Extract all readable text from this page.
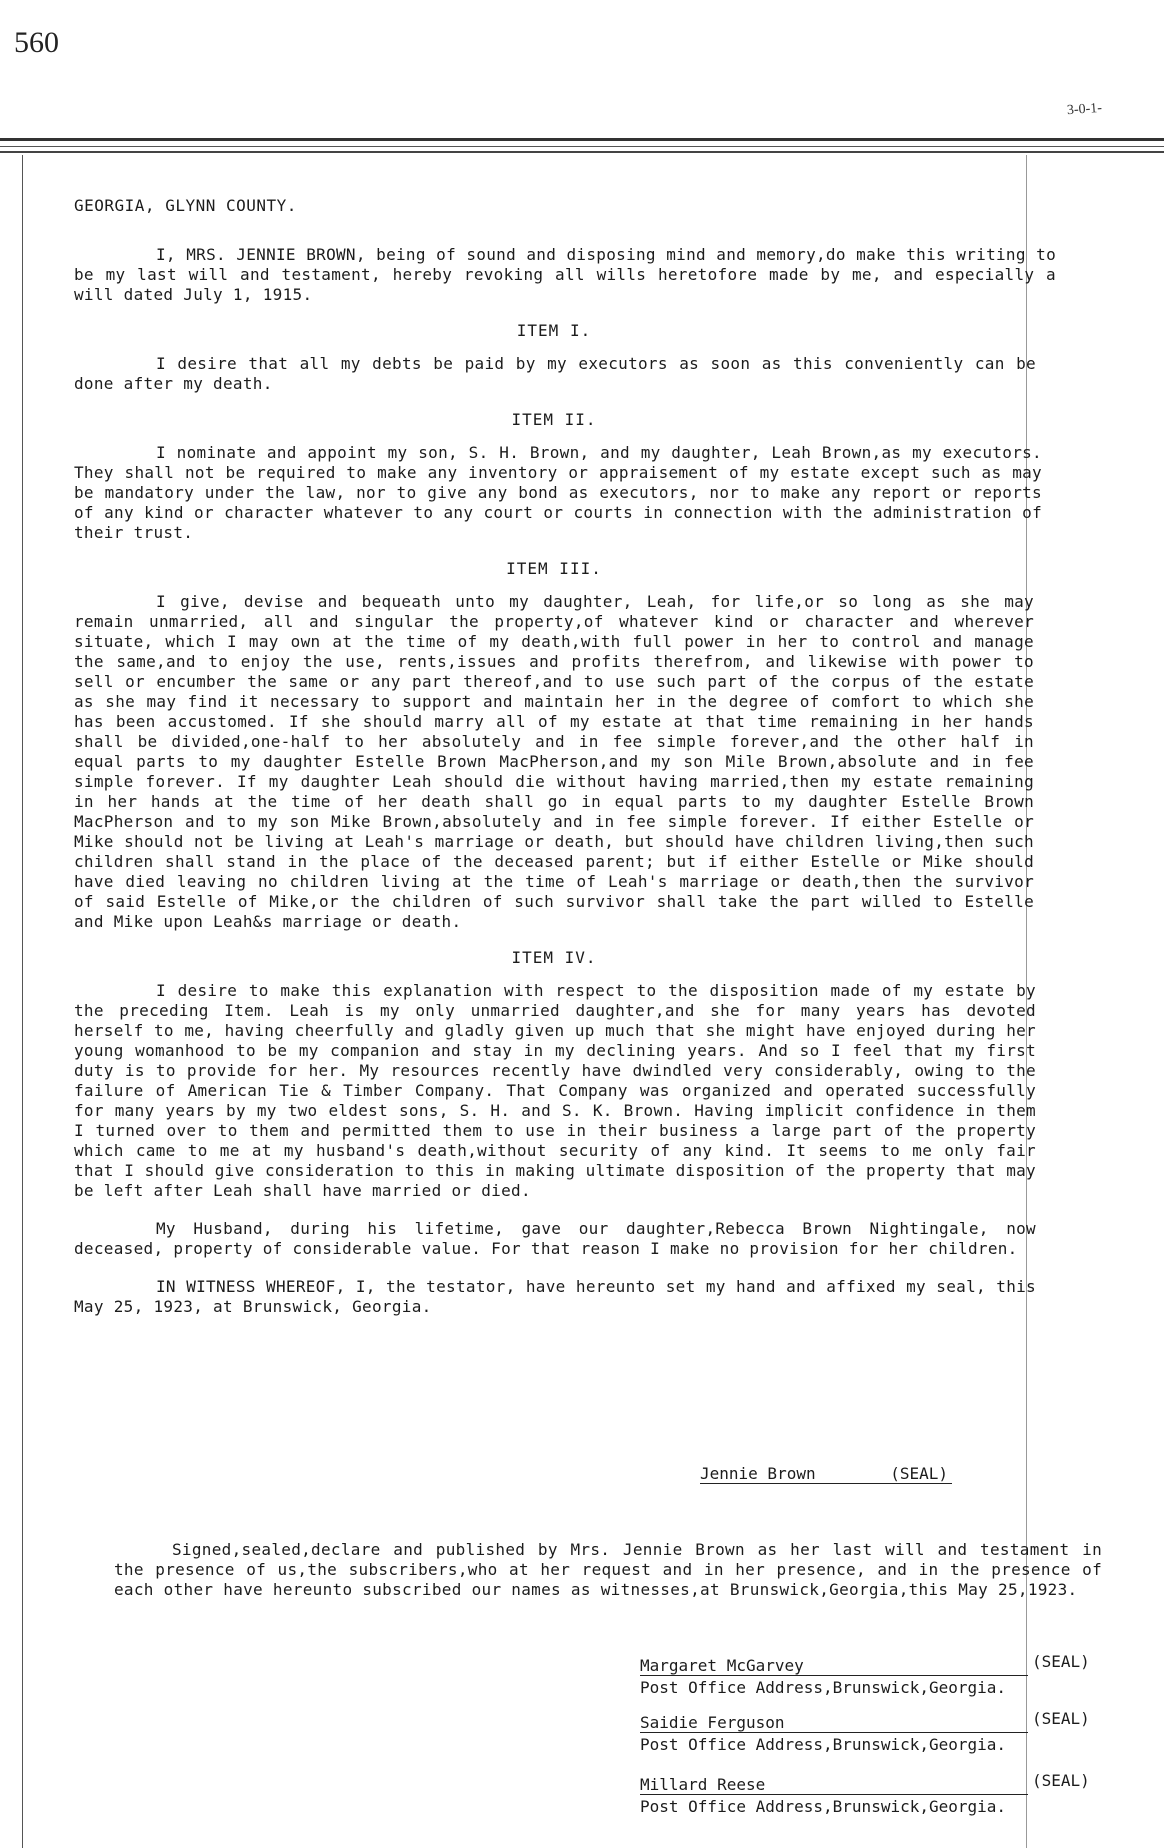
560
3-0-1-
GEORGIA, GLYNN COUNTY.

I, MRS. JENNIE BROWN, being of sound and disposing mind and memory,do make this writing to be my last will and testament, hereby revoking all wills heretofore made by me, and especially a will dated July 1, 1915.

ITEM I.

I desire that all my debts be paid by my executors as soon as this conveniently can be done after my death.

ITEM II.

I nominate and appoint my son, S. H. Brown, and my daughter, Leah Brown,as my executors. They shall not be required to make any inventory or appraisement of my estate except such as may be mandatory under the law, nor to give any bond as executors, nor to make any report or reports of any kind or character whatever to any court or courts in connection with the administration of their trust.

ITEM III.

I give, devise and bequeath unto my daughter, Leah, for life,or so long as she may remain unmarried, all and singular the property,of whatever kind or character and wherever situate, which I may own at the time of my death,with full power in her to control and manage the same,and to enjoy the use, rents,issues and profits therefrom, and likewise with power to sell or encumber the same or any part thereof,and to use such part of the corpus of the estate as she may find it necessary to support and maintain her in the degree of comfort to which she has been accustomed. If she should marry all of my estate at that time remaining in her hands shall be divided,one-half to her absolutely and in fee simple forever,and the other half in equal parts to my daughter Estelle Brown MacPherson,and my son Mile Brown,absolute and in fee simple forever. If my daughter Leah should die without having married,then my estate remaining in her hands at the time of her death shall go in equal parts to my daughter Estelle Brown MacPherson and to my son Mike Brown,absolutely and in fee simple forever. If either Estelle or Mike should not be living at Leah's marriage or death, but should have children living,then such children shall stand in the place of the deceased parent; but if either Estelle or Mike should have died leaving no children living at the time of Leah's marriage or death,then the survivor of said Estelle of Mike,or the children of such survivor shall take the part willed to Estelle and Mike upon Leah&s marriage or death.

ITEM IV.

I desire to make this explanation with respect to the disposition made of my estate by the preceding Item. Leah is my only unmarried daughter,and she for many years has devoted herself to me, having cheerfully and gladly given up much that she might have enjoyed during her young womanhood to be my companion and stay in my declining years. And so I feel that my first duty is to provide for her. My resources recently have dwindled very considerably, owing to the failure of American Tie & Timber Company. That Company was organized and operated successfully for many years by my two eldest sons, S. H. and S. K. Brown. Having implicit confidence in them I turned over to them and permitted them to use in their business a large part of the property which came to me at my husband's death,without security of any kind. It seems to me only fair that I should give consideration to this in making ultimate disposition of the property that may be left after Leah shall have married or died.

My Husband, during his lifetime, gave our daughter,Rebecca Brown Nightingale, now deceased, property of considerable value. For that reason I make no provision for her children.

IN WITNESS WHEREOF, I, the testator, have hereunto set my hand and affixed my seal, this May 25, 1923, at Brunswick, Georgia.

Jennie Brown	(SEAL)

Signed,sealed,declare and published by Mrs. Jennie Brown as her last will and testament in the presence of us,the subscribers,who at her request and in her presence, and in the presence of each other have hereunto subscribed our names as witnesses,at Brunswick,Georgia,this May 25,1923.

Margaret McGarvey	(SEAL)
Post Office Address,Brunswick,Georgia.
Saidie Ferguson	(SEAL)
Post Office Address,Brunswick,Georgia.
Millard Reese	(SEAL)
Post Office Address,Brunswick,Georgia.
